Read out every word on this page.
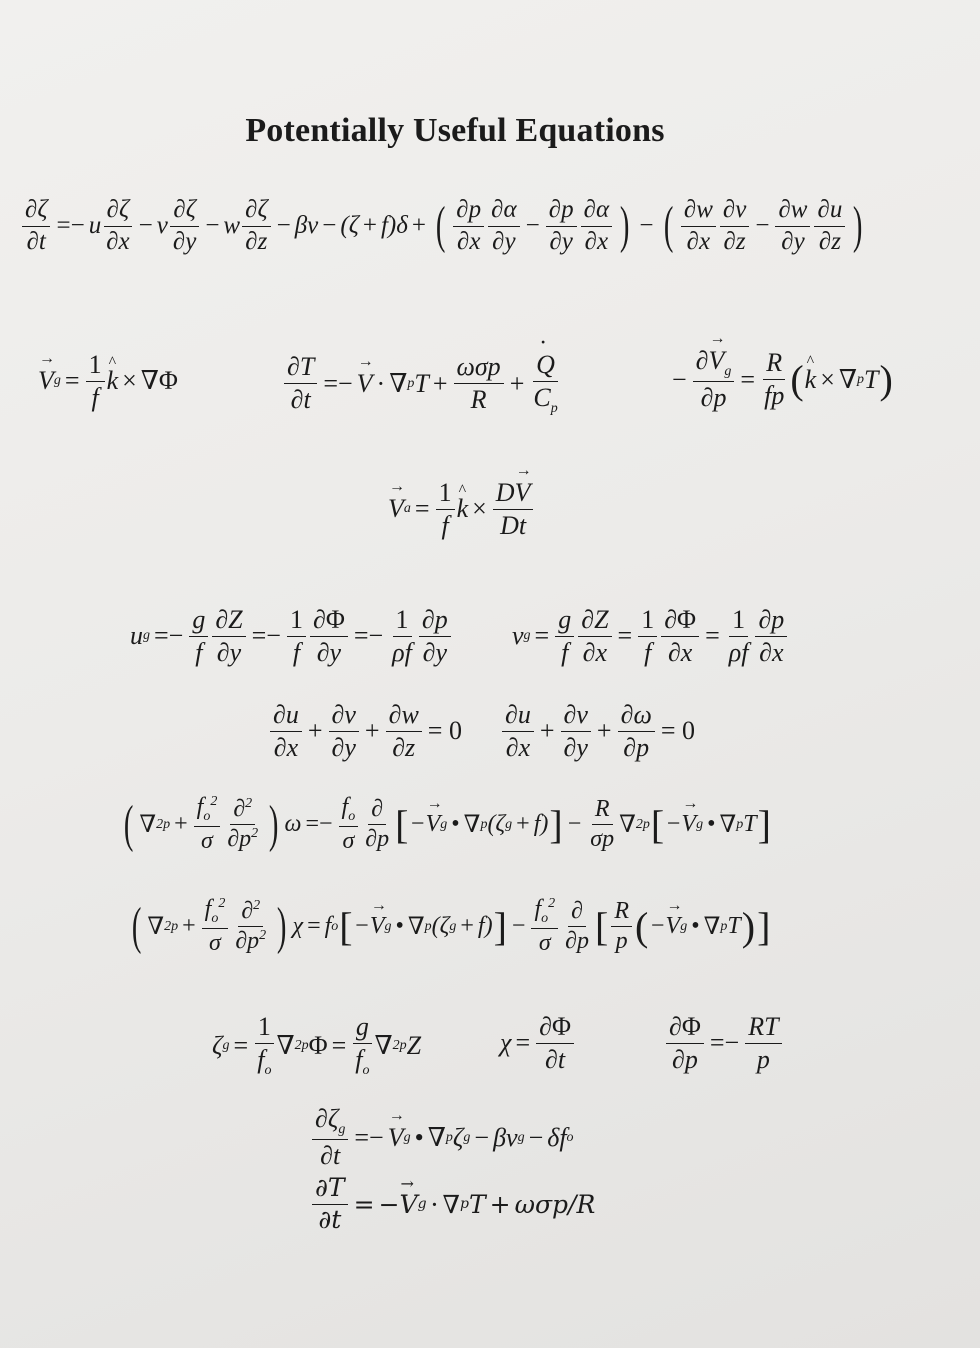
Potentially Useful Equations
$\frac{\partial\zeta}{\partial t} =- u \frac{\partial\zeta}{\partial x} - v \frac{\partial\zeta}{\partial y} - w \frac{\partial\zeta}{\partial z} - \beta v - (\zeta + f)\delta$ + ( $\frac{\partial p}{\partial x} \frac{\partial\alpha}{\partial y} - \frac{\partial p}{\partial y} \frac{\partial\alpha}{\partial x}$ ) − ( $\frac{\partial w}{\partial x} \frac{\partial v}{\partial z} - \frac{\partial w}{\partial y} \frac{\partial u}{\partial z}$ )
→ V $g = \frac{1}{f}$ ^ k × ∇Φ	$\frac{\partial T}{\partial t}$ =− → V · ∇ p $T + \frac{\text{ωσp}}{R}$ + · $\frac{Q}{C_p}$	− $\frac{\partial\to V_g}{\partial p} = \frac{R}{fp}$ ( ^ k × ∇ p T )
→ V $a = \frac{1}{f}$ ^ $k \times \frac{D\to V}{Dt}$
u $g =- \frac{g}{f} \frac{\partial Z}{\partial y} =- \frac{1}{f} \frac{\partial\Phi}{\partial y} =- \frac{1}{\rho f} \frac{\partial p}{\partial y}$ v $g = \frac{g}{f} \frac{\partial Z}{\partial x} = \frac{1}{f} \frac{\partial\Phi}{\partial x} = \frac{1}{\rho f} \frac{\partial p}{\partial x}$
$\frac{\partial u}{\partial x} + \frac{\partial v}{\partial y} + \frac{\partial w}{\partial z} = 0 \frac{\partial u}{\partial x} + \frac{\partial v}{\partial y} + \frac{\partial\omega}{\partial p} = 0$
( ∇ 2 $p + \frac{f_o^2}{\sigma} \frac{\partial^2}{\partial p^2}$ ) $\omega =- \frac{f_o}{\sigma} \frac{\partial}{\partial p}$ [ − → V g • ∇ p (ζ g + f) ] − $\frac{R}{\sigma p}$ ∇ 2 p [ − → V g • ∇ p T ]
( ∇ 2 $p + \frac{f_o^2}{\sigma} \frac{\partial^2}{\partial p^2}$ ) χ = f o [ − → V g • ∇ p (ζ g + f) ] − $\frac{f_o^2}{\sigma} \frac{\partial}{\partial p}$ [ $\frac{R}{p}$ ( − → V g • ∇ p T ) ]
ζ $g = \frac{1}{f_o}$ ∇ 2 p $\Phi = \frac{g}{f_o}$ ∇ 2 p Z	$\chi = \frac{\partial\Phi}{\partial t}$	$\frac{\partial\Phi}{\partial p} =- \frac{RT}{p}$
$\frac{\partial\zeta_g}{\partial t}$ =− → V g • ∇ p ζ g − βv g − δf o
$\frac{\partial T}{\partial t}$ = − → V g · ∇ p T + ωσp/R
